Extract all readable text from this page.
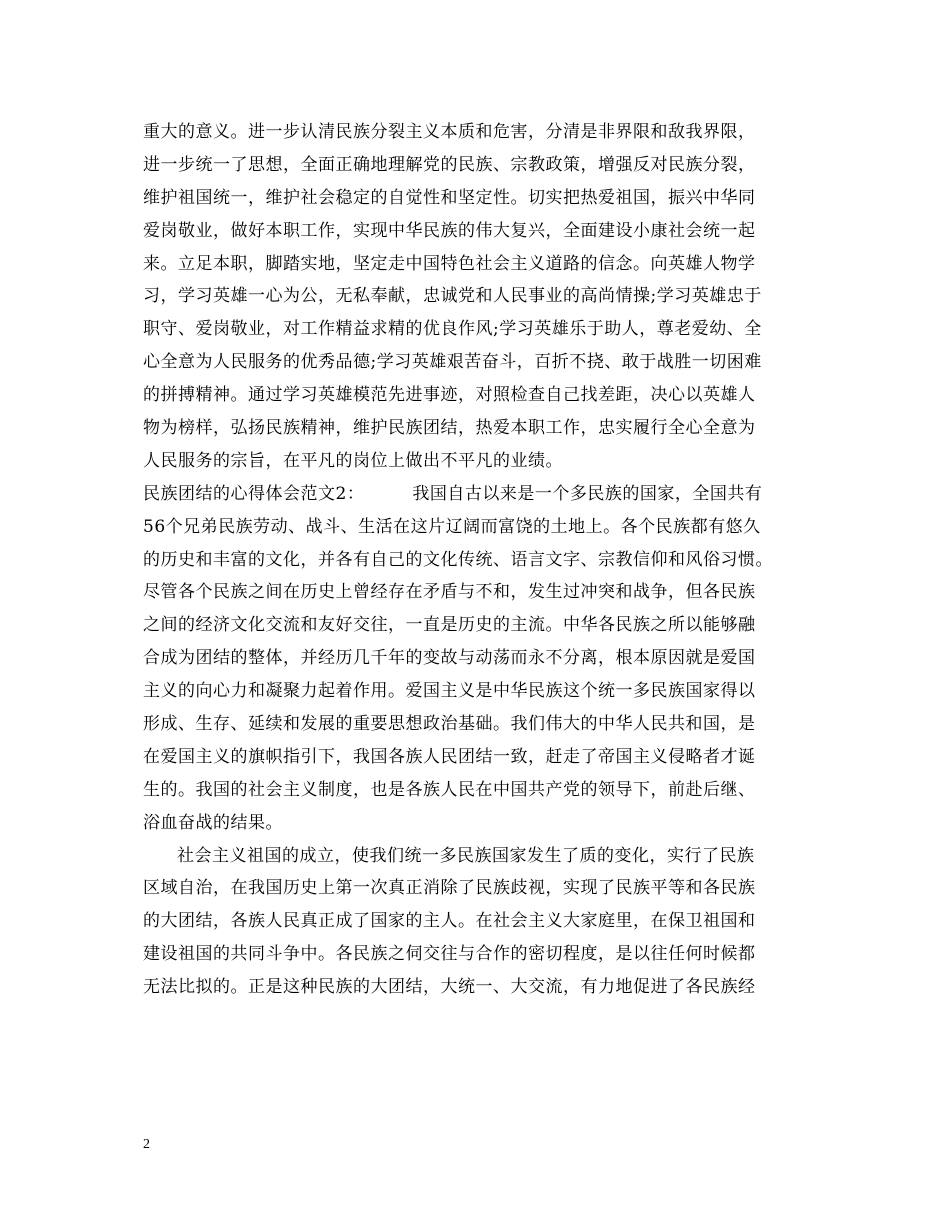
重大的意义。进一步认清民族分裂主义本质和危害，分清是非界限和敌我界限，
进一步统一了思想，全面正确地理解党的民族、宗教政策，增强反对民族分裂，
维护祖国统一，维护社会稳定的自觉性和坚定性。切实把热爱祖国，振兴中华同
爱岗敬业，做好本职工作，实现中华民族的伟大复兴，全面建设小康社会统一起
来。立足本职，脚踏实地，坚定走中国特色社会主义道路的信念。向英雄人物学
习，学习英雄一心为公，无私奉献，忠诚党和人民事业的高尚情操;学习英雄忠于
职守、爱岗敬业，对工作精益求精的优良作风;学习英雄乐于助人，尊老爱幼、全
心全意为人民服务的优秀品德;学习英雄艰苦奋斗，百折不挠、敢于战胜一切困难
的拼搏精神。通过学习英雄模范先进事迹，对照检查自己找差距，决心以英雄人
物为榜样，弘扬民族精神，维护民族团结，热爱本职工作，忠实履行全心全意为
人民服务的宗旨，在平凡的岗位上做出不平凡的业绩。
民族团结的心得体会范文2：	我国自古以来是一个多民族的国家，全国共有
56个兄弟民族劳动、战斗、生活在这片辽阔而富饶的土地上。各个民族都有悠久
的历史和丰富的文化，并各有自己的文化传统、语言文字、宗教信仰和风俗习惯。
尽管各个民族之间在历史上曾经存在矛盾与不和，发生过冲突和战争，但各民族
之间的经济文化交流和友好交往，一直是历史的主流。中华各民族之所以能够融
合成为团结的整体，并经历几千年的变故与动荡而永不分离，根本原因就是爱国
主义的向心力和凝聚力起着作用。爱国主义是中华民族这个统一多民族国家得以
形成、生存、延续和发展的重要思想政治基础。我们伟大的中华人民共和国，是
在爱国主义的旗帜指引下，我国各族人民团结一致，赶走了帝国主义侵略者才诞
生的。我国的社会主义制度，也是各族人民在中国共产党的领导下，前赴后继、
浴血奋战的结果。
社会主义祖国的成立，使我们统一多民族国家发生了质的变化，实行了民族
区域自治，在我国历史上第一次真正消除了民族歧视，实现了民族平等和各民族
的大团结，各族人民真正成了国家的主人。在社会主义大家庭里，在保卫祖国和
建设祖国的共同斗争中。各民族之伺交往与合作的密切程度，是以往任何时候都
无法比拟的。正是这种民族的大团结，大统一、大交流，有力地促进了各民族经
2
